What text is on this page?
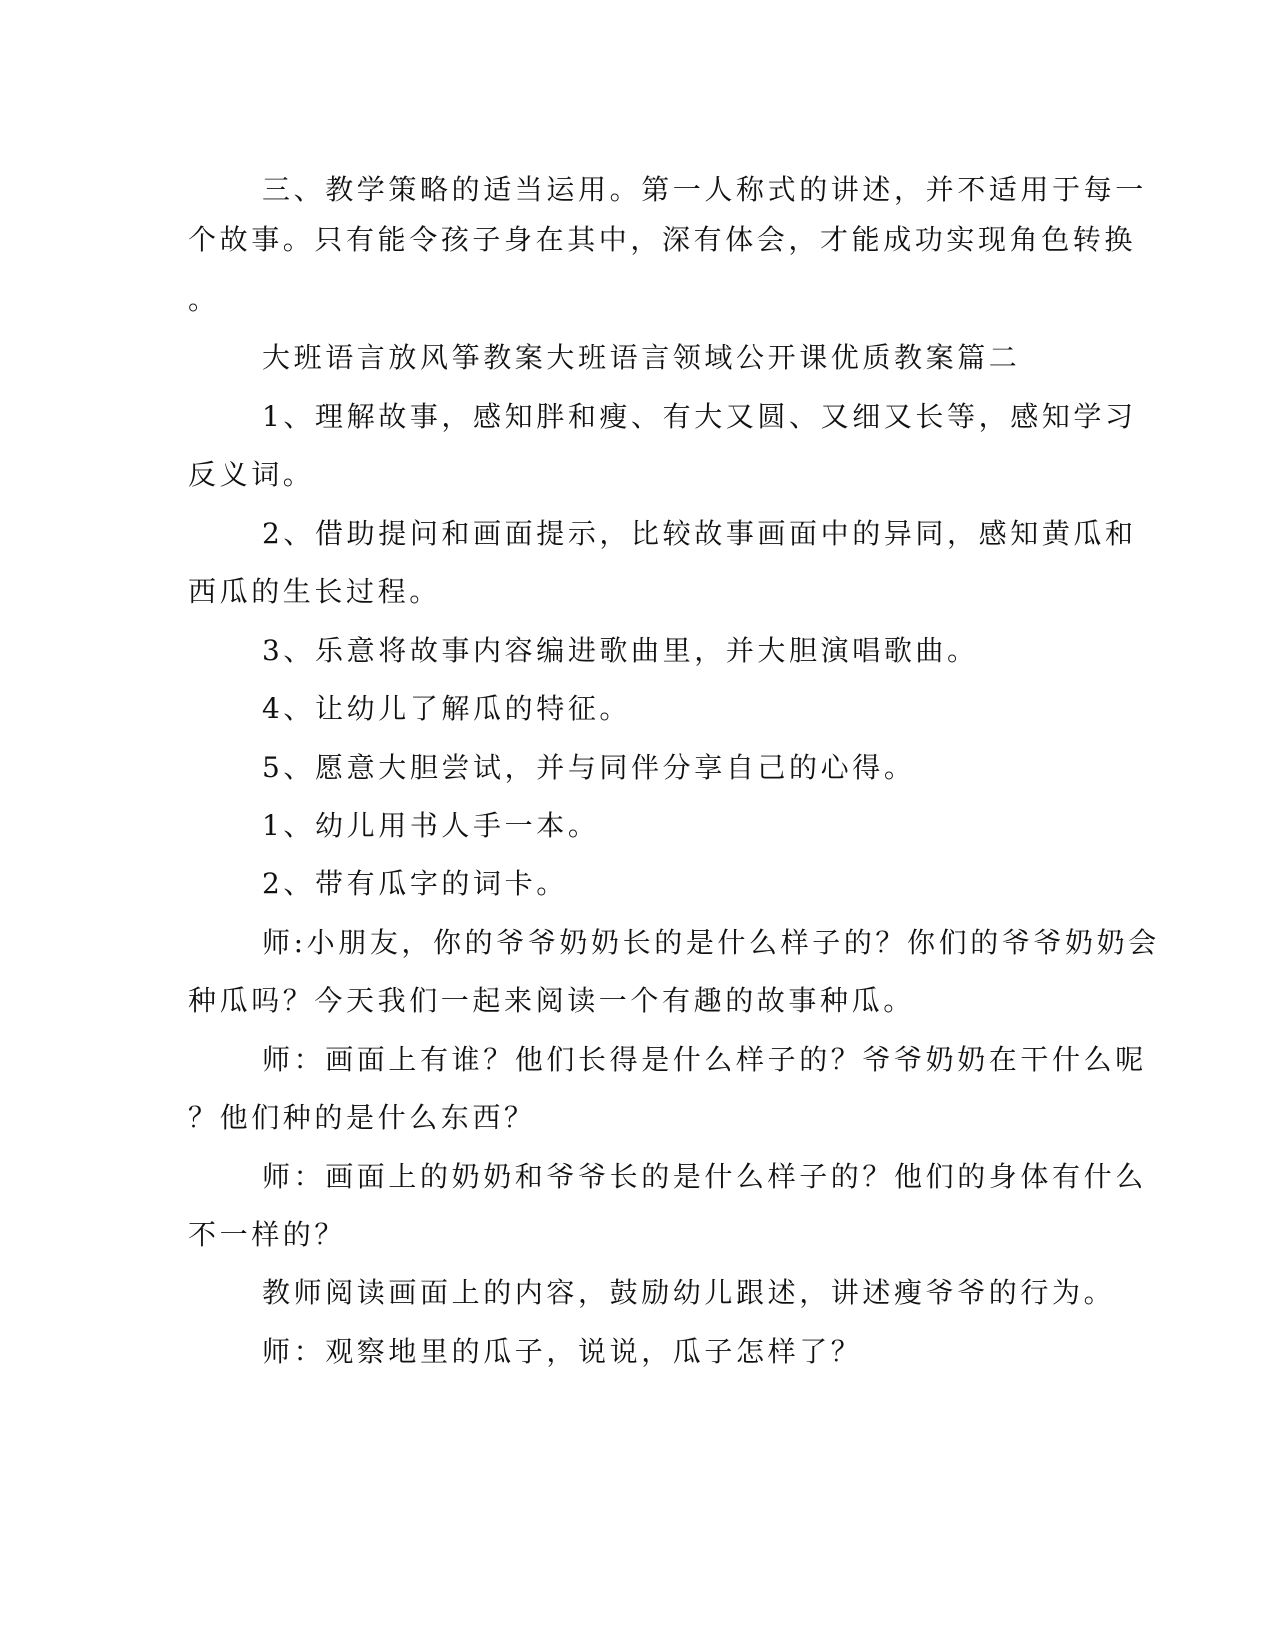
三、教学策略的适当运用。第一人称式的讲述，并不适用于每一
个故事。只有能令孩子身在其中，深有体会，才能成功实现角色转换
。
大班语言放风筝教案大班语言领域公开课优质教案篇二
1、理解故事，感知胖和瘦、有大又圆、又细又长等，感知学习
反义词。
2、借助提问和画面提示，比较故事画面中的异同，感知黄瓜和
西瓜的生长过程。
3、乐意将故事内容编进歌曲里，并大胆演唱歌曲。
4、让幼儿了解瓜的特征。
5、愿意大胆尝试，并与同伴分享自己的心得。
1、幼儿用书人手一本。
2、带有瓜字的词卡。
师:小朋友，你的爷爷奶奶长的是什么样子的？你们的爷爷奶奶会
种瓜吗？今天我们一起来阅读一个有趣的故事种瓜。
师：画面上有谁？他们长得是什么样子的？爷爷奶奶在干什么呢
？他们种的是什么东西？
师：画面上的奶奶和爷爷长的是什么样子的？他们的身体有什么
不一样的？
教师阅读画面上的内容，鼓励幼儿跟述，讲述瘦爷爷的行为。
师：观察地里的瓜子，说说，瓜子怎样了？
